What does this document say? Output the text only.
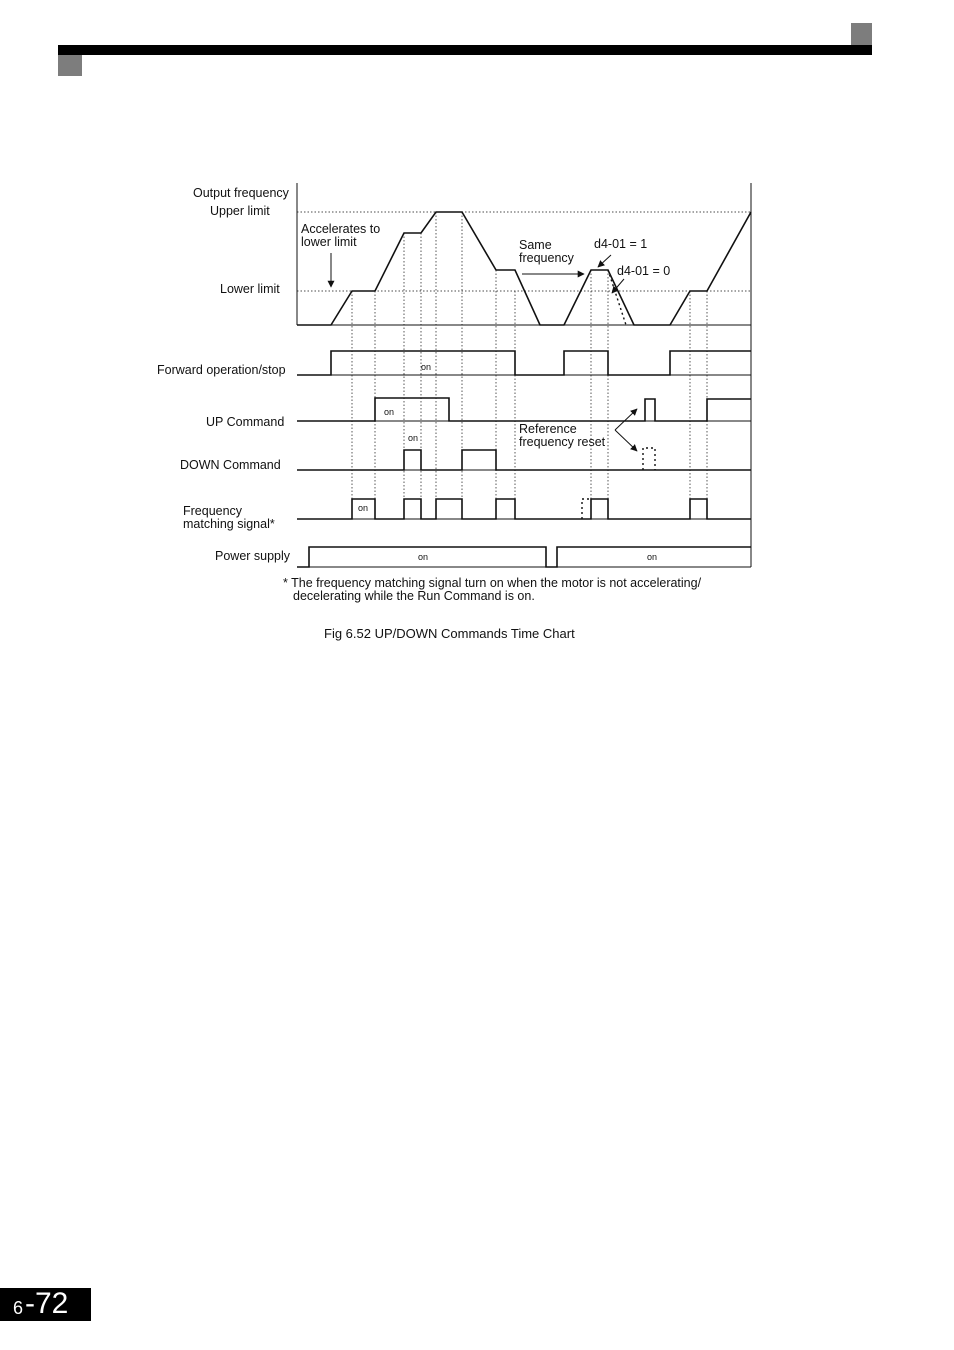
Output frequency
Upper limit
Lower limit
Forward operation/stop
UP Command
DOWN Command
Frequency
matching signal*
Power supply
Accelerates to
lower limit	Same
frequency
d4-01 = 1
d4-01 = 0
Reference
frequency reset
on
on
on
on
on	on
* The frequency matching signal turn on when the motor is not accelerating/
decelerating while the Run Command is on.
Fig 6.52 UP/DOWN Commands Time Chart
6 -72
